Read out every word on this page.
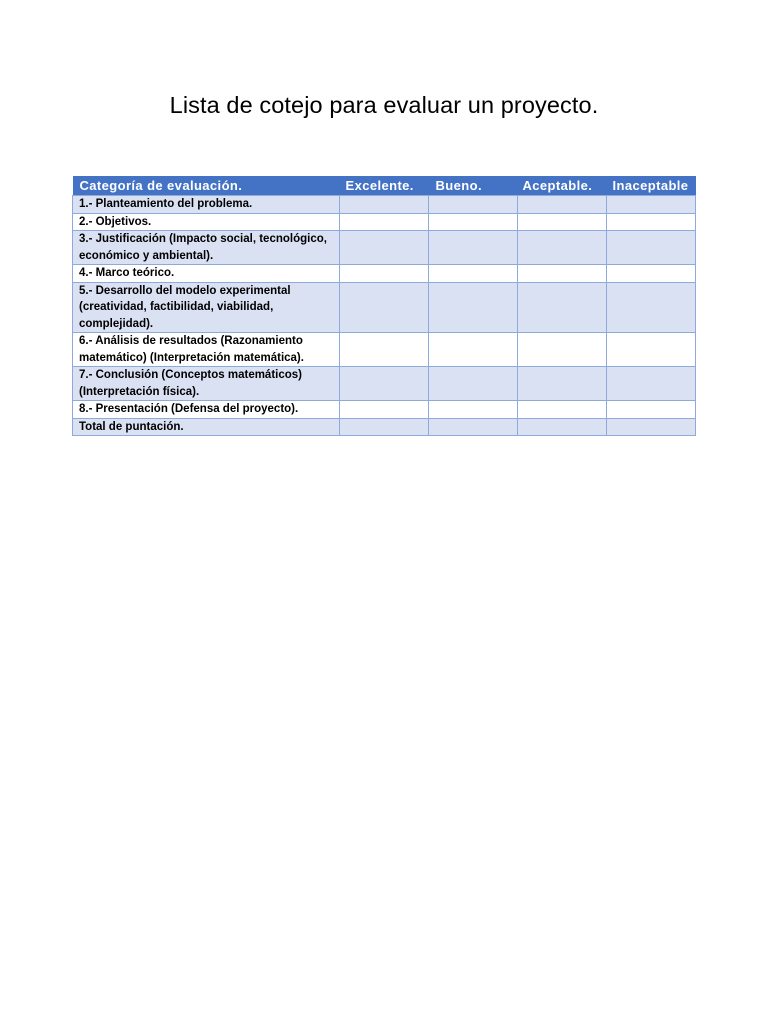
Lista de cotejo para evaluar un proyecto.
Categoría de evaluación.	Excelente.	Bueno.	Aceptable.	Inaceptable
1.- Planteamiento del problema.				
2.- Objetivos.				
3.- Justificación (Impacto social, tecnológico, económico y ambiental).				
4.- Marco teórico.				
5.- Desarrollo del modelo experimental (creatividad, factibilidad, viabilidad, complejidad).				
6.- Análisis de resultados (Razonamiento matemático) (Interpretación matemática).				
7.- Conclusión (Conceptos matemáticos) (Interpretación física).				
8.- Presentación (Defensa del proyecto).				
Total de puntación.				
